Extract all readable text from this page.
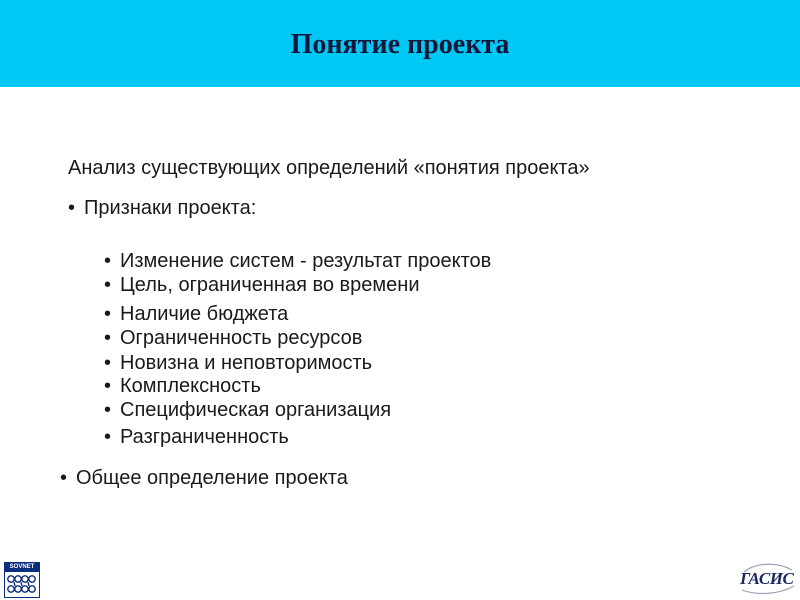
Понятие проекта
Анализ существующих определений «понятия проекта»
• Признаки проекта:
• Изменение систем - результат проектов
• Цель, ограниченная во времени
• Наличие бюджета
• Ограниченность ресурсов
• Новизна и неповторимость
• Комплексность
• Специфическая организация
• Разграниченность
• Общее определение проекта
SOVNET
ГАСИС
